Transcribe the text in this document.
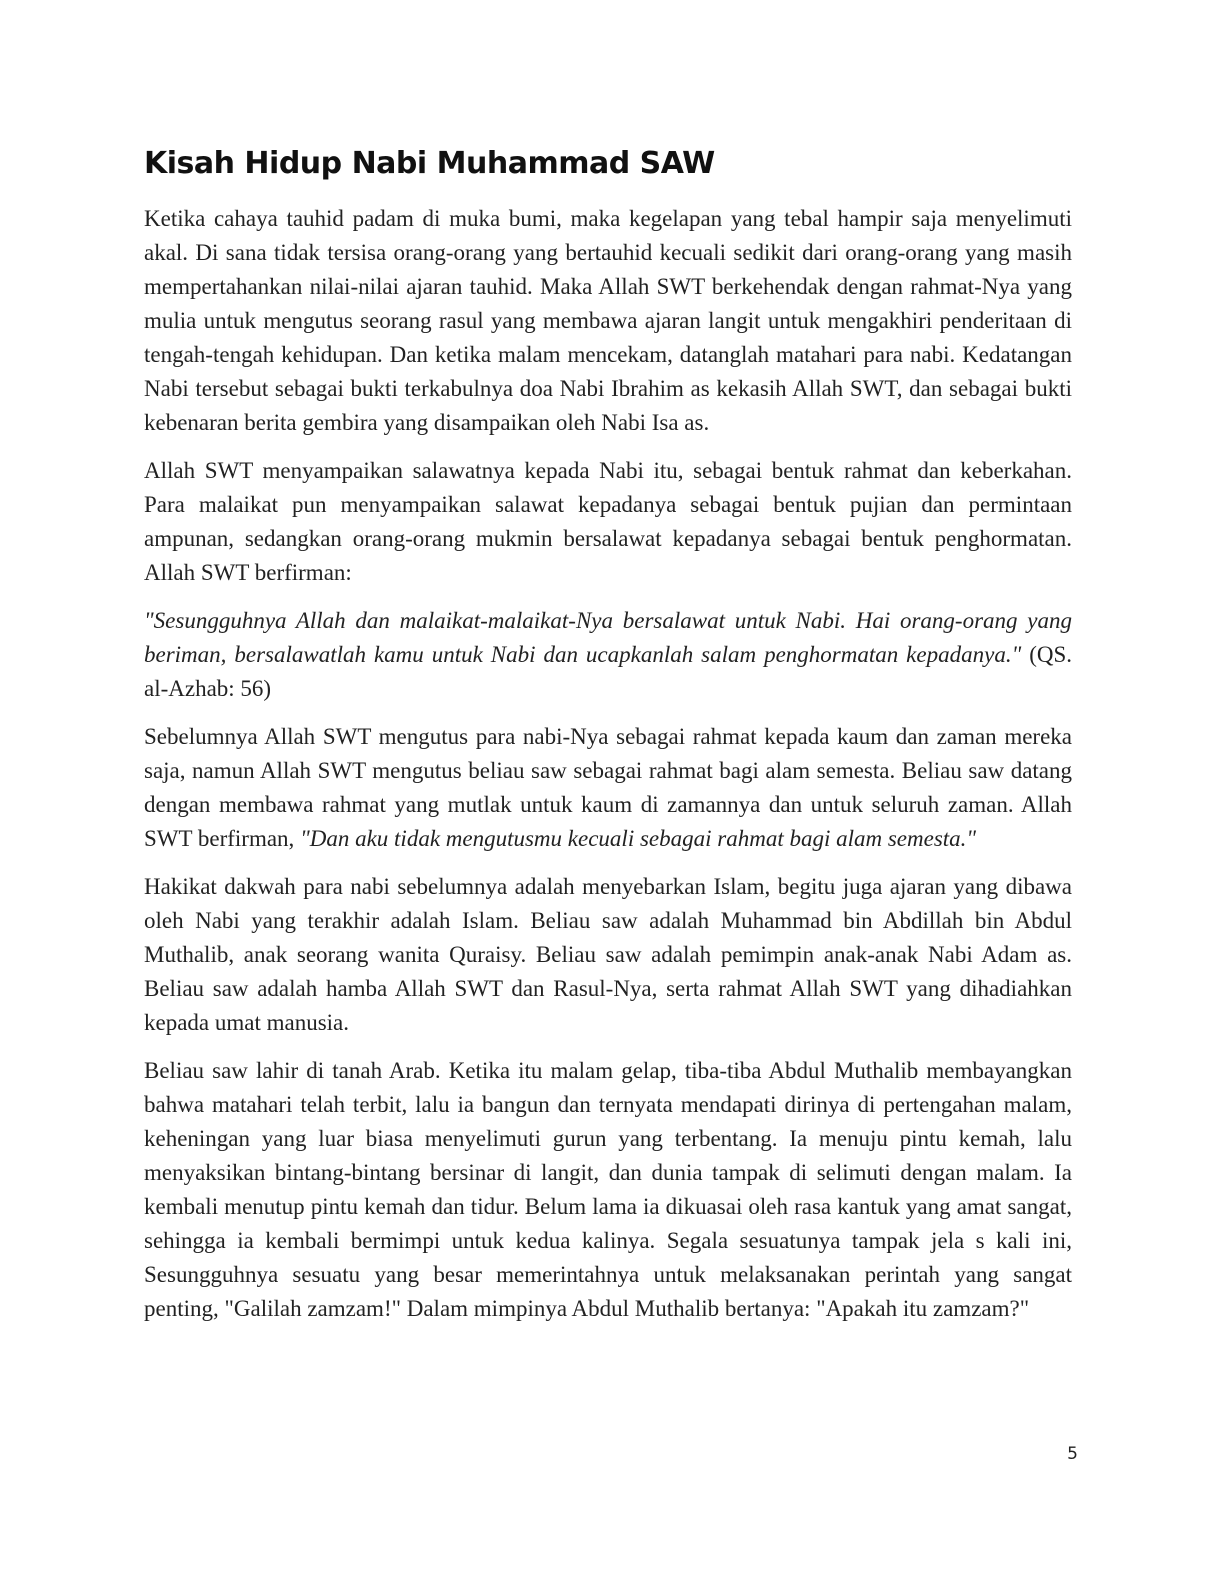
Kisah Hidup Nabi Muhammad SAW

Ketika cahaya tauhid padam di muka bumi, maka kegelapan yang tebal hampir saja menyelimuti akal. Di sana tidak tersisa orang-orang yang bertauhid kecuali sedikit dari orang-orang yang masih mempertahankan nilai-nilai ajaran tauhid. Maka Allah SWT berkehendak dengan rahmat-Nya yang mulia untuk mengutus seorang rasul yang membawa ajaran langit untuk mengakhiri penderitaan di tengah-tengah kehidupan. Dan ketika malam mencekam, datanglah matahari para nabi. Kedatangan Nabi tersebut sebagai bukti terkabulnya doa Nabi Ibrahim as kekasih Allah SWT, dan sebagai bukti kebenaran berita gembira yang disampaikan oleh Nabi Isa as.

Allah SWT menyampaikan salawatnya kepada Nabi itu, sebagai bentuk rahmat dan keberkahan. Para malaikat pun menyampaikan salawat kepadanya sebagai bentuk pujian dan permintaan ampunan, sedangkan orang-orang mukmin bersalawat kepadanya sebagai bentuk penghormatan. Allah SWT berfirman:

"Sesungguhnya Allah dan malaikat-malaikat-Nya bersalawat untuk Nabi. Hai orang-orang yang beriman, bersalawatlah kamu untuk Nabi dan ucapkanlah salam penghormatan kepadanya." (QS. al-Azhab: 56)

Sebelumnya Allah SWT mengutus para nabi-Nya sebagai rahmat kepada kaum dan zaman mereka saja, namun Allah SWT mengutus beliau saw sebagai rahmat bagi alam semesta. Beliau saw datang dengan membawa rahmat yang mutlak untuk kaum di zamannya dan untuk seluruh zaman. Allah SWT berfirman, "Dan aku tidak mengutusmu kecuali sebagai rahmat bagi alam semesta."

Hakikat dakwah para nabi sebelumnya adalah menyebarkan Islam, begitu juga ajaran yang dibawa oleh Nabi yang terakhir adalah Islam. Beliau saw adalah Muhammad bin Abdillah bin Abdul Muthalib, anak seorang wanita Quraisy. Beliau saw adalah pemimpin anak-anak Nabi Adam as. Beliau saw adalah hamba Allah SWT dan Rasul-Nya, serta rahmat Allah SWT yang dihadiahkan kepada umat manusia.

Beliau saw lahir di tanah Arab. Ketika itu malam gelap, tiba-tiba Abdul Muthalib membayangkan bahwa matahari telah terbit, lalu ia bangun dan ternyata mendapati dirinya di pertengahan malam, keheningan yang luar biasa menyelimuti gurun yang terbentang. Ia menuju pintu kemah, lalu menyaksikan bintang-bintang bersinar di langit, dan dunia tampak di selimuti dengan malam. Ia kembali menutup pintu kemah dan tidur. Belum lama ia dikuasai oleh rasa kantuk yang amat sangat, sehingga ia kembali bermimpi untuk kedua kalinya. Segala sesuatunya tampak jela s kali ini, Sesungguhnya sesuatu yang besar memerintahnya untuk melaksanakan perintah yang sangat penting, "Galilah zamzam!" Dalam mimpinya Abdul Muthalib bertanya: "Apakah itu zamzam?"

5
